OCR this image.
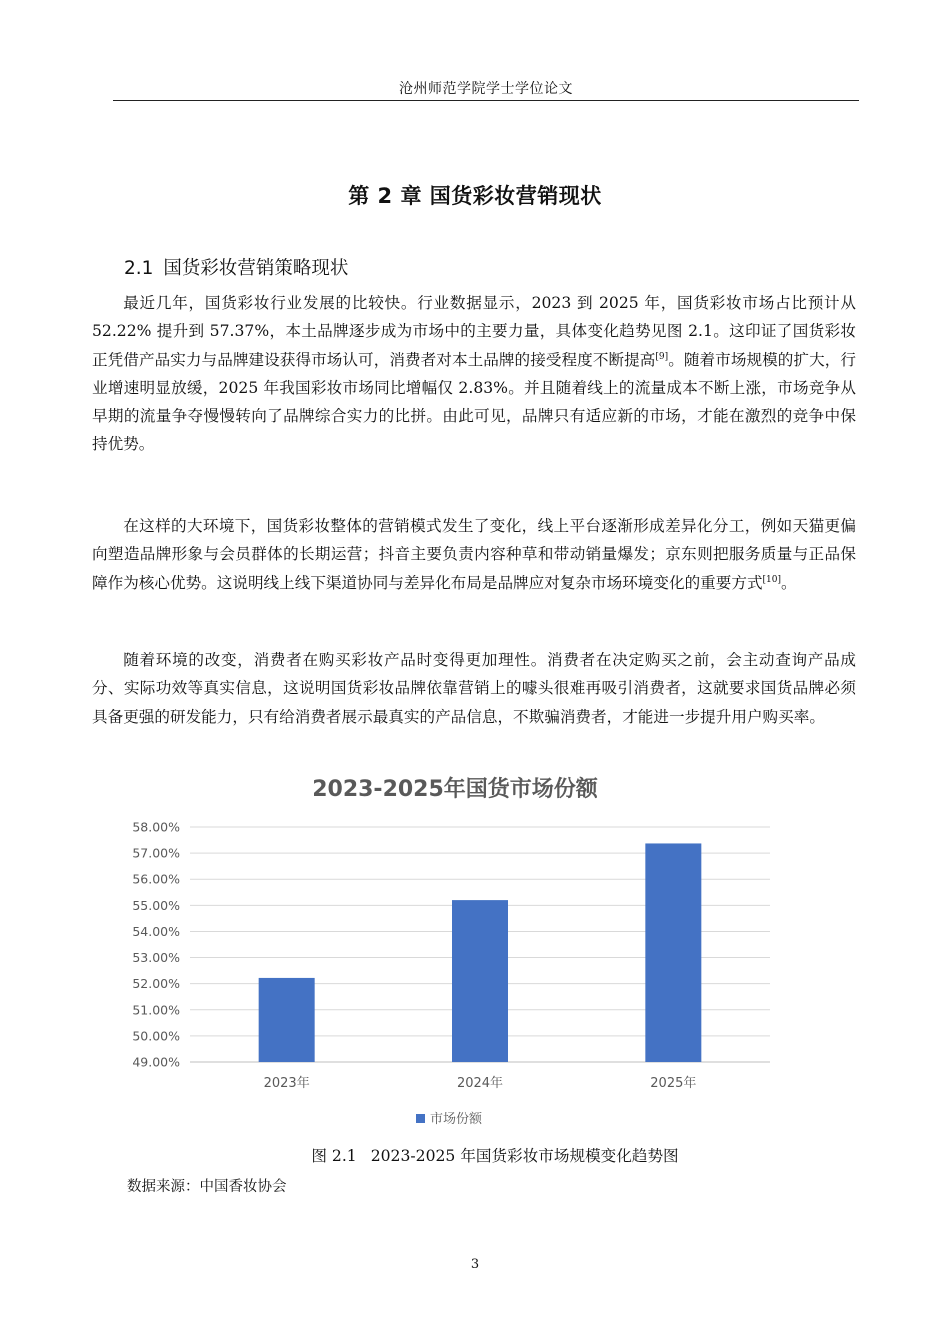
沧州师范学院学士学位论文
第 2 章 国货彩妆营销现状
2.1 国货彩妆营销策略现状

最近几年，国货彩妆行业发展的比较快。行业数据显示，2023 到 2025 年，国货彩妆市场占比预计从 52.22% 提升到 57.37%，本土品牌逐步成为市场中的主要力量，具体变化趋势见图 2.1。这印证了国货彩妆正凭借产品实力与品牌建设获得市场认可，消费者对本土品牌的接受程度不断提高[9]。随着市场规模的扩大，行业增速明显放缓，2025 年我国彩妆市场同比增幅仅 2.83%。并且随着线上的流量成本不断上涨，市场竞争从早期的流量争夺慢慢转向了品牌综合实力的比拼。由此可见，品牌只有适应新的市场，才能在激烈的竞争中保持优势。

在这样的大环境下，国货彩妆整体的营销模式发生了变化，线上平台逐渐形成差异化分工，例如天猫更偏向塑造品牌形象与会员群体的长期运营；抖音主要负责内容种草和带动销量爆发；京东则把服务质量与正品保障作为核心优势。这说明线上线下渠道协同与差异化布局是品牌应对复杂市场环境变化的重要方式[10]。

随着环境的改变，消费者在购买彩妆产品时变得更加理性。消费者在决定购买之前，会主动查询产品成分、实际功效等真实信息，这说明国货彩妆品牌依靠营销上的噱头很难再吸引消费者，这就要求国货品牌必须具备更强的研发能力，只有给消费者展示最真实的产品信息，不欺骗消费者，才能进一步提升用户购买率。

2023-2025年国货市场份额
49.00%
50.00%
51.00%
52.00%
53.00%
54.00%
55.00%
56.00%
57.00%
58.00%
2023年	2024年	2025年
市场份额
图 2.1 2023-2025 年国货彩妆市场规模变化趋势图
数据来源：中国香妆协会
3
